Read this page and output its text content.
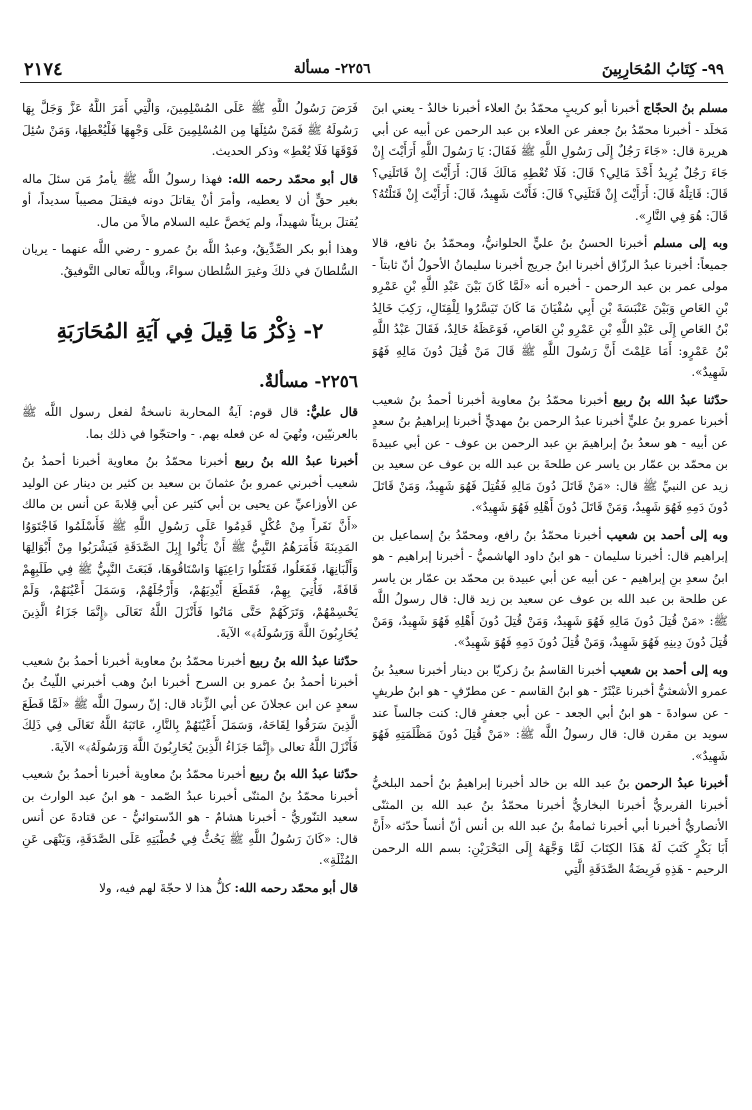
٩٩- كِتَابُ المُحَارِبِينَ
٢٢٥٦- مسألة
٢١٧٤

مسلم بنُ الحجّاج أخبرنا أبو كريبٍ محمّدُ بنُ العلاء أخبرنا خالدٌ - يعني ابنَ مَخلَد - أخبرنا محمّدُ بنُ جعفر عن العلاء بن عبد الرحمن عن أبيه عن أبي هريرة قال: «جَاءَ رَجُلٌ إِلَى رَسُولِ اللَّهِ ﷺ فَقَالَ: يَا رَسُولَ اللَّهِ أَرَأَيْتَ إِنْ جَاءَ رَجُلٌ يُرِيدُ أَخْذَ مَالِي؟ قَالَ: فَلَا تُعْطِهِ مَالَكَ قَالَ: أَرَأَيْتَ إِنْ قَاتَلَنِي؟ قَالَ: قَاتِلْهُ قَالَ: أَرَأَيْتَ إِنْ قَتَلَنِي؟ قَالَ: فَأَنْتَ شَهِيدٌ، قَالَ: أَرَأَيْتَ إِنْ قَتَلْتُهُ؟ قَالَ: هُوَ فِي النَّارِ».

وبه إلى مسلم أخبرنا الحسنُ بنُ عليٍّ الحلوانيُّ، ومحمّدُ بنُ نافع، قالا جميعاً: أخبرنا عبدُ الرزّاق أخبرنا ابنُ جريج أخبرنا سليمانُ الأحولُ أنّ ثابتاً - مولى عمر بن عبد الرحمن - أخبره أنه «لَمَّا كَانَ بَيْنَ عَبْدِ اللَّهِ بْنِ عَمْرِو بْنِ العَاصِ وَبَيْنَ عَنْبَسَةَ بْنِ أَبِي سُفْيَانَ مَا كَانَ تَيَسَّرُوا لِلْقِتَالِ، رَكِبَ خَالِدُ بْنُ العَاصِ إِلَى عَبْدِ اللَّهِ بْنِ عَمْرِو بْنِ العَاصِ، فَوَعَظَهُ خَالِدٌ، فَقَالَ عَبْدُ اللَّهِ بْنُ عَمْرٍو: أَمَا عَلِمْتَ أَنَّ رَسُولَ اللَّهِ ﷺ قَالَ مَنْ قُتِلَ دُونَ مَالِهِ فَهُوَ شَهِيدٌ».

حدّثنا عبدُ الله بنُ ربيع أخبرنا محمّدُ بنُ معاوية أخبرنا أحمدُ بنُ شعيب أخبرنا عمرو بنُ عليٍّ أخبرنا عبدُ الرحمن بنُ مهديٍّ أخبرنا إبراهيمُ بنُ سعدٍ عن أبيه - هو سعدُ بنُ إبراهيمَ بنِ عبد الرحمن بن عوف - عن أبي عبيدةَ بن محمّد بن عمّار بن ياسر عن طلحةَ بن عبد الله بن عوف عن سعيد بن زيد عن النبيِّ ﷺ قال: «مَنْ قَاتَلَ دُونَ مَالِهِ فَقُتِلَ فَهُوَ شَهِيدٌ، وَمَنْ قَاتَلَ دُونَ دَمِهِ فَهُوَ شَهِيدٌ، وَمَنْ قَاتَلَ دُونَ أَهْلِهِ فَهُوَ شَهِيدٌ».

وبه إلى أحمد بن شعيب أخبرنا محمّدُ بنُ رافع، ومحمّدُ بنُ إسماعيل بن إبراهيم قال: أخبرنا سليمان - هو ابنُ داود الهاشميُّ - أخبرنا إبراهيم - هو ابنُ سعدِ بنِ إبراهيم - عن أبيه عن أبي عبيدة بن محمّد بن عمّار بن ياسر عن طلحة بن عبد الله بن عوف عن سعيد بن زيد قال: قال رسولُ اللَّه ﷺ: «مَنْ قُتِلَ دُونَ مَالِهِ فَهُوَ شَهِيدٌ، وَمَنْ قُتِلَ دُونَ أَهْلِهِ فَهُوَ شَهِيدٌ، وَمَنْ قُتِلَ دُونَ دِينِهِ فَهُوَ شَهِيدٌ، وَمَنْ قُتِلَ دُونَ دَمِهِ فَهُوَ شَهِيدٌ».

وبه إلى أحمد بن شعيب أخبرنا القاسمُ بنُ زكريّا بن دينار أخبرنا سعيدُ بنُ عمرو الأشعثيُّ أخبرنا عَبْثَرٌ - هو ابنُ القاسم - عن مطرّفٍ - هو ابنُ طريفٍ - عن سوادةَ - هو ابنُ أبي الجعد - عن أبي جعفرٍ قال: كنت جالساً عند سويد بن مقرن قال: قال رسولُ اللَّه ﷺ: «مَنْ قُتِلَ دُونَ مَظْلَمَتِهِ فَهُوَ شَهِيدٌ».

أخبرنا عبدُ الرحمن بنُ عبد الله بن خالد أخبرنا إبراهيمُ بنُ أحمد البلخيُّ أخبرنا الفربريُّ أخبرنا البخاريُّ أخبرنا محمّدُ بنُ عبد الله بن المثنّى الأنصاريُّ أخبرنا أبي أخبرنا ثمامةُ بنُ عبد الله بن أنس أنّ أنساً حدّثه «أَنَّ أَبَا بَكْرٍ كَتَبَ لَهُ هَذَا الكِتَابَ لَمَّا وَجَّهَهُ إِلَى البَحْرَيْنِ: بسم الله الرحمن الرحيم - هَذِهِ فَرِيضَةُ الصَّدَقَةِ الَّتِي

فَرَضَ رَسُولُ اللَّهِ ﷺ عَلَى المُسْلِمِينَ، وَالَّتِي أَمَرَ اللَّهُ عَزَّ وَجَلَّ بِهَا رَسُولَهُ ﷺ فَمَنْ سُئِلَهَا مِن المُسْلِمِينَ عَلَى وَجْهِهَا فَلْيُعْطِهَا، وَمَنْ سُئِلَ فَوْقَهَا فَلَا يُعْطِ» وذكر الحديث.

قال أبو محمّد رحمه الله: فهذا رسولُ اللَّه ﷺ يأمرُ مَن سئلَ ماله بغير حقٍّ أن لا يعطيه، وأمرَ أنْ يقاتلَ دونه فيقتلَ مصيباً سديداً، أو يُقتلَ بريئاً شهيداً، ولم يَخصَّ عليه السلام مالاً من مال.

وهذا أبو بكر الصِّدِّيقُ، وعبدُ اللَّه بنُ عمرو - رضي اللَّه عنهما - يريان السُّلطانَ في ذلكَ وغيرَ السُّلطان سواءً، وباللَّه تعالى التَّوفيقُ.

٢- ذِكْرُ مَا قِيلَ فِي آيَةِ المُحَارَبَةِ
٢٢٥٦- مسألةٌ.

قال عليٌّ: قال قوم: آيةُ المحاربة ناسخةٌ لفعل رسول اللَّه ﷺ بالعرنيّين، ونُهيَ له عن فعله بهم. - واحتجّوا في ذلك بما.

أخبرنا عبدُ الله بنُ ربيع أخبرنا محمّدُ بنُ معاوية أخبرنا أحمدُ بنُ شعيب أخبرني عمرو بنُ عثمانَ بن سعيد بن كثير بن دينار عن الوليد عن الأوزاعيِّ عن يحيى بن أبي كثير عن أبي قِلابةَ عن أنس بن مالك «أَنَّ نَفَراً مِنْ عُكْلٍ قَدِمُوا عَلَى رَسُولِ اللَّهِ ﷺ فَأَسْلَمُوا فَاجْتَوَوُا المَدِينَةَ فَأَمَرَهُمُ النَّبِيُّ ﷺ أَنْ يَأْتُوا إِبِلَ الصَّدَقَةِ فَيَشْرَبُوا مِنْ أَبْوَالِهَا وَأَلْبَانِهَا، فَفَعَلُوا، فَقَتَلُوا رَاعِيَهَا وَاسْتَاقُوهَا، فَبَعَثَ النَّبِيُّ ﷺ فِي طَلَبِهِمْ قَافَةً، فَأُتِيَ بِهِمْ، فَقَطَعَ أَيْدِيَهُمْ، وَأَرْجُلَهُمْ، وَسَمَلَ أَعْيُنَهُمْ، وَلَمْ يَحْسِمْهُمْ، وَتَرَكَهُمْ حَتَّى مَاتُوا فَأَنْزَلَ اللَّهُ تَعَالَى ﴿إِنَّمَا جَزَاءُ الَّذِينَ يُحَارِبُونَ اللَّهَ وَرَسُولَهُ﴾» الآيةَ.

حدّثنا عبدُ الله بنُ ربيع أخبرنا محمّدُ بنُ معاوية أخبرنا أحمدُ بنُ شعيب أخبرنا أحمدُ بنُ عمرو بن السرح أخبرنا ابنُ وهب أخبرني اللّيثُ بنُ سعدٍ عن ابن عجلانَ عن أبي الزِّناد قال: إنّ رسولَ اللَّه ﷺ «لَمَّا قَطَعَ الَّذِينَ سَرَقُوا لِقَاحَهُ، وَسَمَلَ أَعْيُنَهُمْ بِالنَّارِ، عَاتَبَهُ اللَّهُ تَعَالَى فِي ذَلِكَ فَأَنْزَلَ اللَّهُ تعالى ﴿إِنَّمَا جَزَاءُ الَّذِينَ يُحَارِبُونَ اللَّهَ وَرَسُولَهُ﴾» الآيةَ.

حدّثنا عبدُ الله بنُ ربيع أخبرنا محمّدُ بنُ معاوية أخبرنا أحمدُ بنُ شعيب أخبرنا محمّدُ بنُ المثنّى أخبرنا عبدُ الصّمد - هو ابنُ عبد الوارث بن سعيد التنّوريُّ - أخبرنا هشامٌ - هو الدّستوائيُّ - عن قتادةَ عن أنس قال: «كَانَ رَسُولُ اللَّهِ ﷺ يَحُثُّ فِي خُطْبَتِهِ عَلَى الصَّدَقَةِ، وَيَنْهَى عَنِ المُثْلَةِ».

قال أبو محمّد رحمه الله: كلُّ هذا لا حجّةَ لهم فيه، ولا
